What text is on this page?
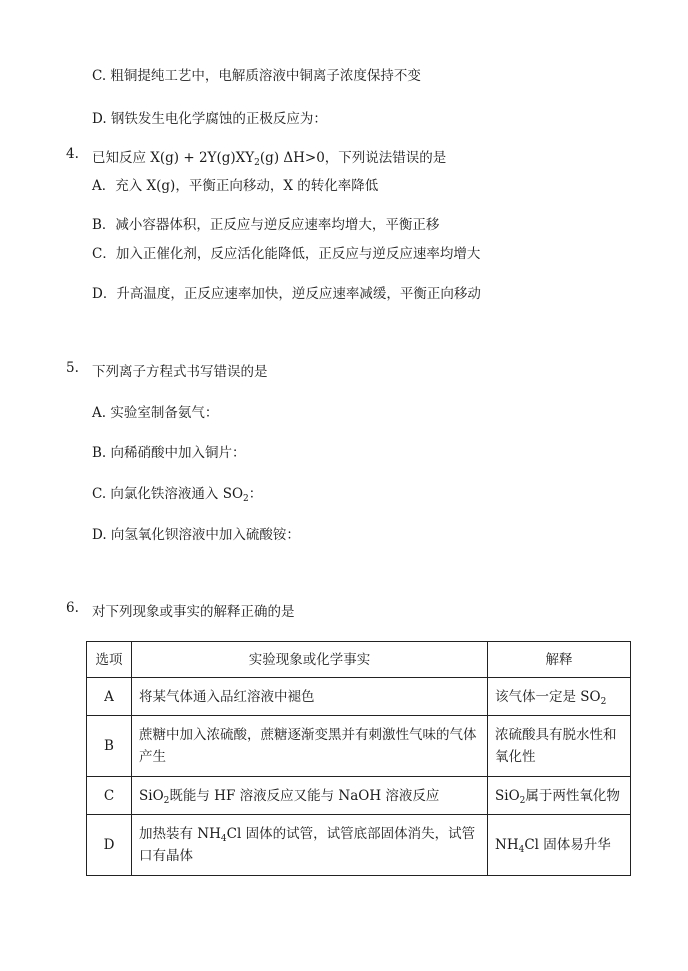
C. 粗铜提纯工艺中，电解质溶液中铜离子浓度保持不变
D. 钢铁发生电化学腐蚀的正极反应为：
4. 已知反应 $X(g) + 2Y(g)XY_2(g)$ ΔH>0，下列说法错误的是
A．充入 X(g)，平衡正向移动，X 的转化率降低
B．减小容器体积，正反应与逆反应速率均增大，平衡正移
C．加入正催化剂，反应活化能降低，正反应与逆反应速率均增大
D．升高温度，正反应速率加快，逆反应速率减缓，平衡正向移动
5. 下列离子方程式书写错误的是
A. 实验室制备氨气：
B. 向稀硝酸中加入铜片：
C. 向氯化铁溶液通入 $SO_2$：
D. 向氢氧化钡溶液中加入硫酸铵：
6. 对下列现象或事实的解释正确的是
选项	实验现象或化学事实	解释
A	将某气体通入品红溶液中褪色	该气体一定是 $SO_2$
B	蔗糖中加入浓硫酸，蔗糖逐渐变黑并有刺激性气味的气体产生	浓硫酸具有脱水性和氧化性
C	SiO$_2$既能与 HF 溶液反应又能与 NaOH 溶液反应	SiO$_2$属于两性氧化物
D	加热装有 $NH_4Cl$ 固体的试管，试管底部固体消失，试管口有晶体	$NH_4Cl$ 固体易升华
